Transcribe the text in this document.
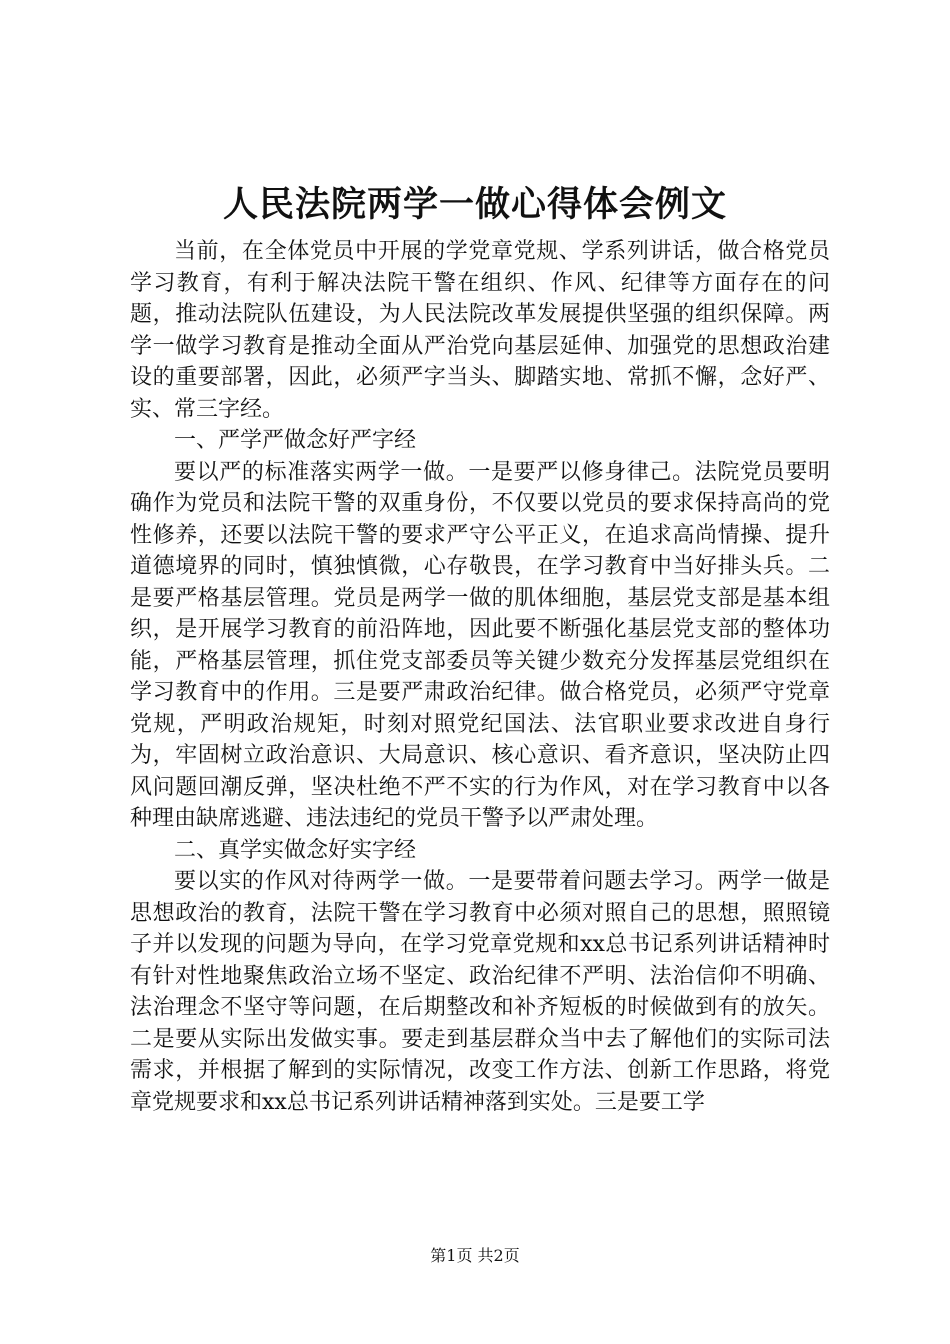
人民法院两学一做心得体会例文

当前，在全体党员中开展的学党章党规、学系列讲话，做合格党员学习教育，有利于解决法院干警在组织、作风、纪律等方面存在的问题，推动法院队伍建设，为人民法院改革发展提供坚强的组织保障。两学一做学习教育是推动全面从严治党向基层延伸、加强党的思想政治建设的重要部署，因此，必须严字当头、脚踏实地、常抓不懈，念好严、实、常三字经。

一、严学严做念好严字经

要以严的标准落实两学一做。一是要严以修身律己。法院党员要明确作为党员和法院干警的双重身份，不仅要以党员的要求保持高尚的党性修养，还要以法院干警的要求严守公平正义，在追求高尚情操、提升道德境界的同时，慎独慎微，心存敬畏，在学习教育中当好排头兵。二是要严格基层管理。党员是两学一做的肌体细胞，基层党支部是基本组织，是开展学习教育的前沿阵地，因此要不断强化基层党支部的整体功能，严格基层管理，抓住党支部委员等关键少数充分发挥基层党组织在学习教育中的作用。三是要严肃政治纪律。做合格党员，必须严守党章党规，严明政治规矩，时刻对照党纪国法、法官职业要求改进自身行为，牢固树立政治意识、大局意识、核心意识、看齐意识，坚决防止四风问题回潮反弹，坚决杜绝不严不实的行为作风，对在学习教育中以各种理由缺席逃避、违法违纪的党员干警予以严肃处理。

二、真学实做念好实字经

要以实的作风对待两学一做。一是要带着问题去学习。两学一做是思想政治的教育，法院干警在学习教育中必须对照自己的思想，照照镜子并以发现的问题为导向，在学习党章党规和xx总书记系列讲话精神时有针对性地聚焦政治立场不坚定、政治纪律不严明、法治信仰不明确、法治理念不坚守等问题，在后期整改和补齐短板的时候做到有的放矢。二是要从实际出发做实事。要走到基层群众当中去了解他们的实际司法需求，并根据了解到的实际情况，改变工作方法、创新工作思路，将党章党规要求和xx总书记系列讲话精神落到实处。三是要工学

第1页 共2页
